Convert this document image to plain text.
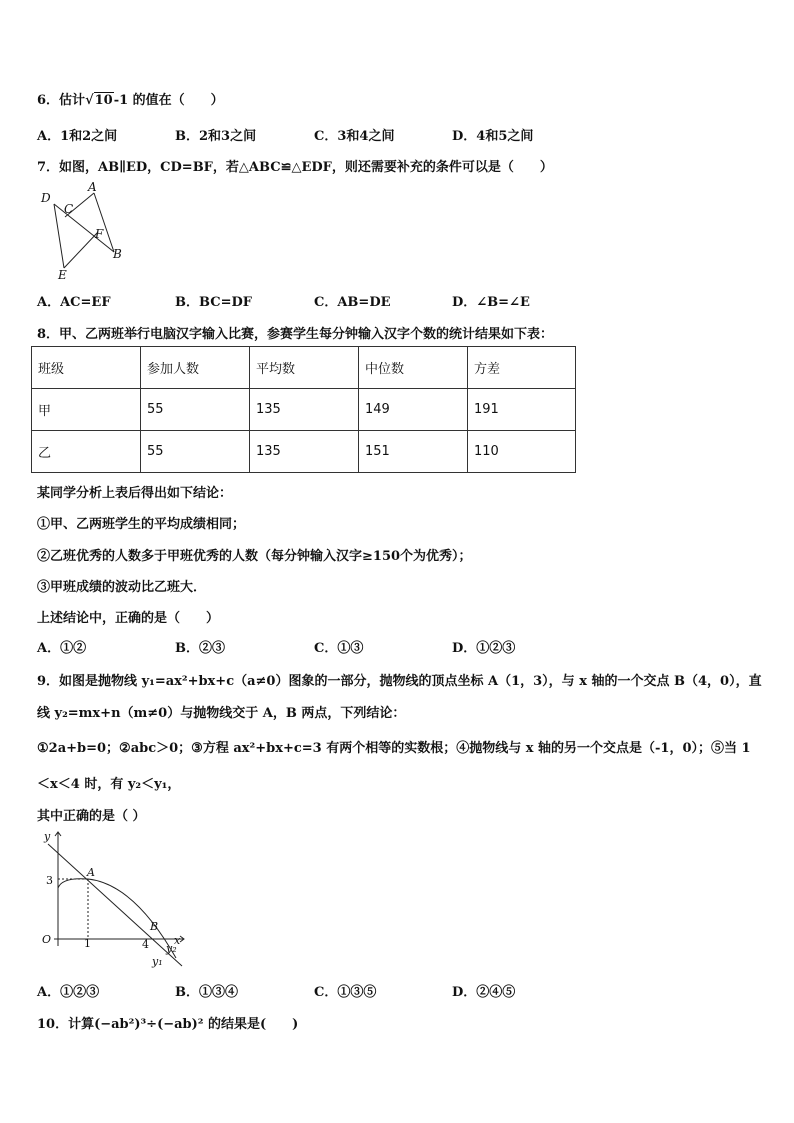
6．估计√10-1 的值在（　　）
A．1和2之间	B．2和3之间	C．3和4之间	D．4和5之间
7．如图，AB∥ED，CD=BF，若△ABC≌△EDF，则还需要补充的条件可以是（　　）
D
A
C
F
B
E
A．AC=EF	B．BC=DF	C．AB=DE	D．∠B=∠E
8．甲、乙两班举行电脑汉字输入比赛，参赛学生每分钟输入汉字个数的统计结果如下表：
班级	参加人数	平均数	中位数	方差
甲	55	135	149	191
乙	55	135	151	110
某同学分析上表后得出如下结论：
①甲、乙两班学生的平均成绩相同；
②乙班优秀的人数多于甲班优秀的人数（每分钟输入汉字≥150个为优秀）；
③甲班成绩的波动比乙班大．
上述结论中，正确的是（　　）
A．①②	B．②③	C．①③	D．①②③
9．如图是抛物线 y₁=ax²+bx+c（a≠0）图象的一部分，抛物线的顶点坐标 A（1，3），与 x 轴的一个交点 B（4，0），直
线 y₂=mx+n（m≠0）与抛物线交于 A，B 两点，下列结论：
①2a+b=0；②abc＞0；③方程 ax²+bx+c=3 有两个相等的实数根；④抛物线与 x 轴的另一个交点是（-1，0）；⑤当 1
＜x＜4 时，有 y₂＜y₁，
其中正确的是（ ）
y
x
3
A
B
O	1	4 y₂
y₁
A．①②③	B．①③④	C．①③⑤	D．②④⑤
10．计算(−ab²)³÷(−ab)² 的结果是(　　)
